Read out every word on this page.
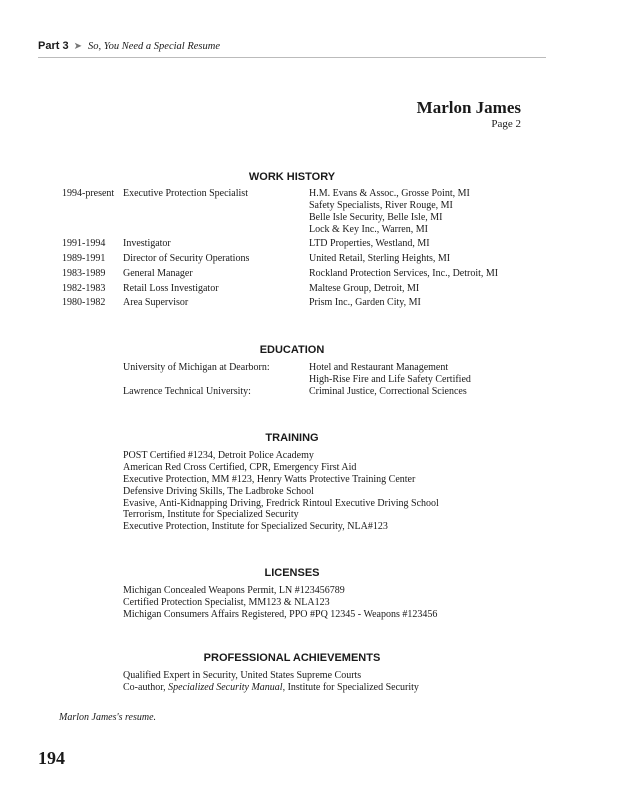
Part 3 ➤ So, You Need a Special Resume
Marlon James
Page 2
WORK HISTORY
1994-present Executive Protection Specialist	H.M. Evans & Assoc., Grosse Point, MI
Safety Specialists, River Rouge, MI
Belle Isle Security, Belle Isle, MI
Lock & Key Inc., Warren, MI
1991-1994 Investigator	LTD Properties, Westland, MI
1989-1991 Director of Security Operations	United Retail, Sterling Heights, MI
1983-1989 General Manager	Rockland Protection Services, Inc., Detroit, MI
1982-1983 Retail Loss Investigator	Maltese Group, Detroit, MI
1980-1982 Area Supervisor	Prism Inc., Garden City, MI
EDUCATION
University of Michigan at Dearborn:	Hotel and Restaurant Management
High-Rise Fire and Life Safety Certified
Lawrence Technical University:	Criminal Justice, Correctional Sciences
TRAINING
POST Certified #1234, Detroit Police Academy
American Red Cross Certified, CPR, Emergency First Aid
Executive Protection, MM #123, Henry Watts Protective Training Center
Defensive Driving Skills, The Ladbroke School
Evasive, Anti-Kidnapping Driving, Fredrick Rintoul Executive Driving School
Terrorism, Institute for Specialized Security
Executive Protection, Institute for Specialized Security, NLA#123
LICENSES
Michigan Concealed Weapons Permit, LN #123456789
Certified Protection Specialist, MM123 & NLA123
Michigan Consumers Affairs Registered, PPO #PQ 12345 - Weapons #123456
PROFESSIONAL ACHIEVEMENTS
Qualified Expert in Security, United States Supreme Courts
Co-author, Specialized Security Manual, Institute for Specialized Security
Marlon James's resume.
194
